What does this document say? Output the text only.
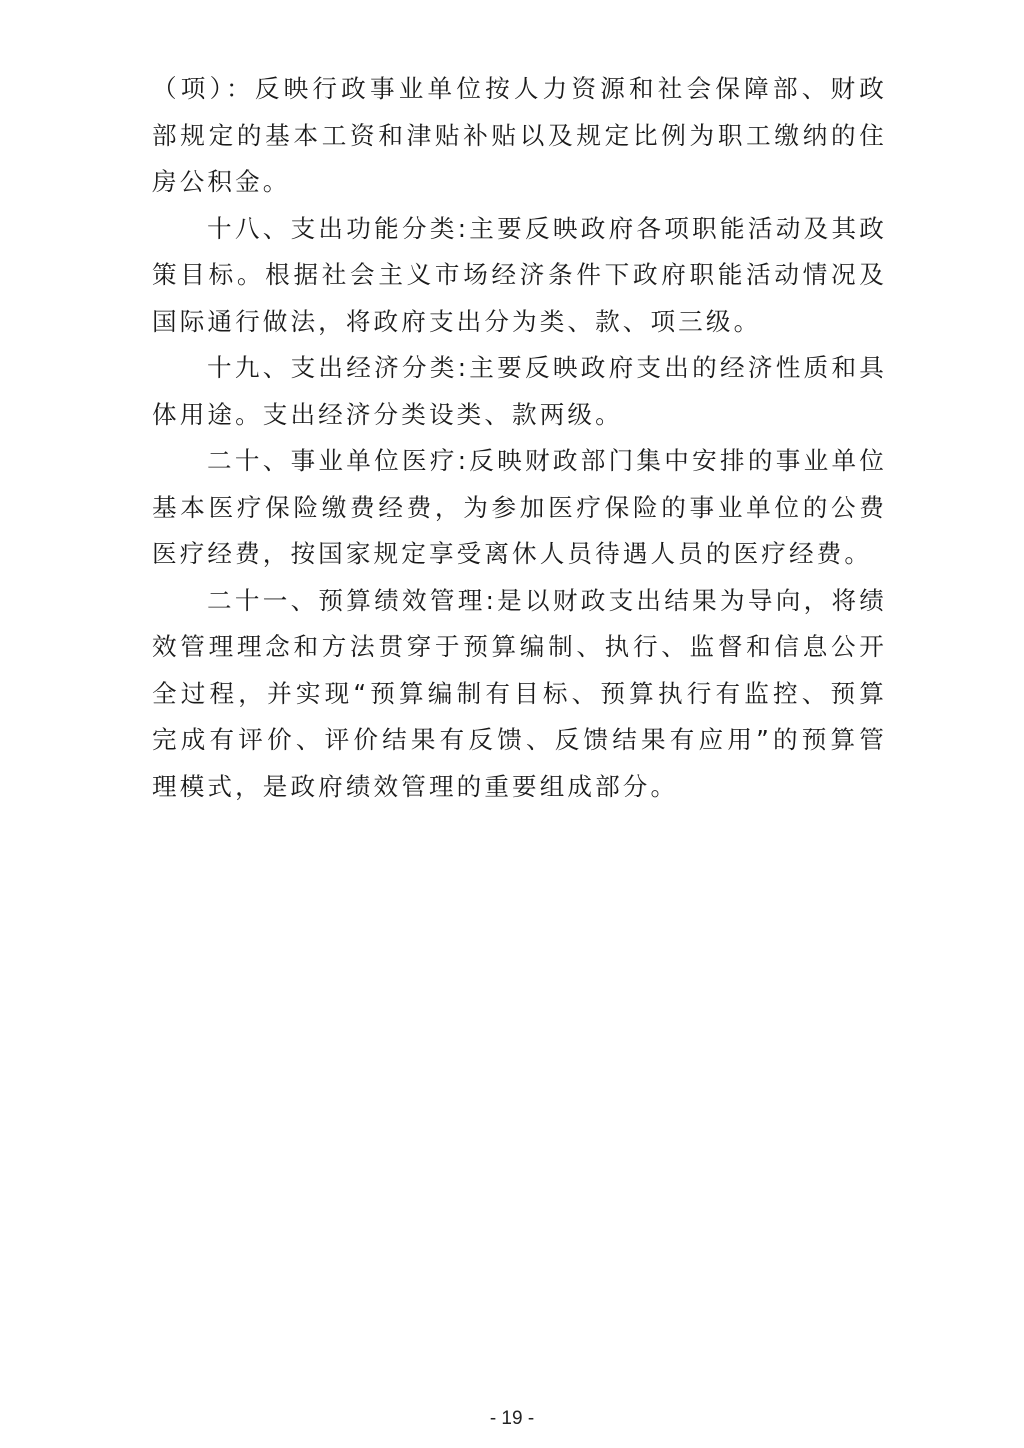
（项）：反映行政事业单位按人力资源和社会保障部、财政部规定的基本工资和津贴补贴以及规定比例为职工缴纳的住房公积金。

十八、支出功能分类:主要反映政府各项职能活动及其政策目标。根据社会主义市场经济条件下政府职能活动情况及国际通行做法，将政府支出分为类、款、项三级。

十九、支出经济分类:主要反映政府支出的经济性质和具体用途。支出经济分类设类、款两级。

二十、事业单位医疗:反映财政部门集中安排的事业单位基本医疗保险缴费经费，为参加医疗保险的事业单位的公费医疗经费，按国家规定享受离休人员待遇人员的医疗经费。

二十一、预算绩效管理:是以财政支出结果为导向，将绩效管理理念和方法贯穿于预算编制、执行、监督和信息公开全过程，并实现“预算编制有目标、预算执行有监控、预算完成有评价、评价结果有反馈、反馈结果有应用”的预算管理模式，是政府绩效管理的重要组成部分。

- 19 -
